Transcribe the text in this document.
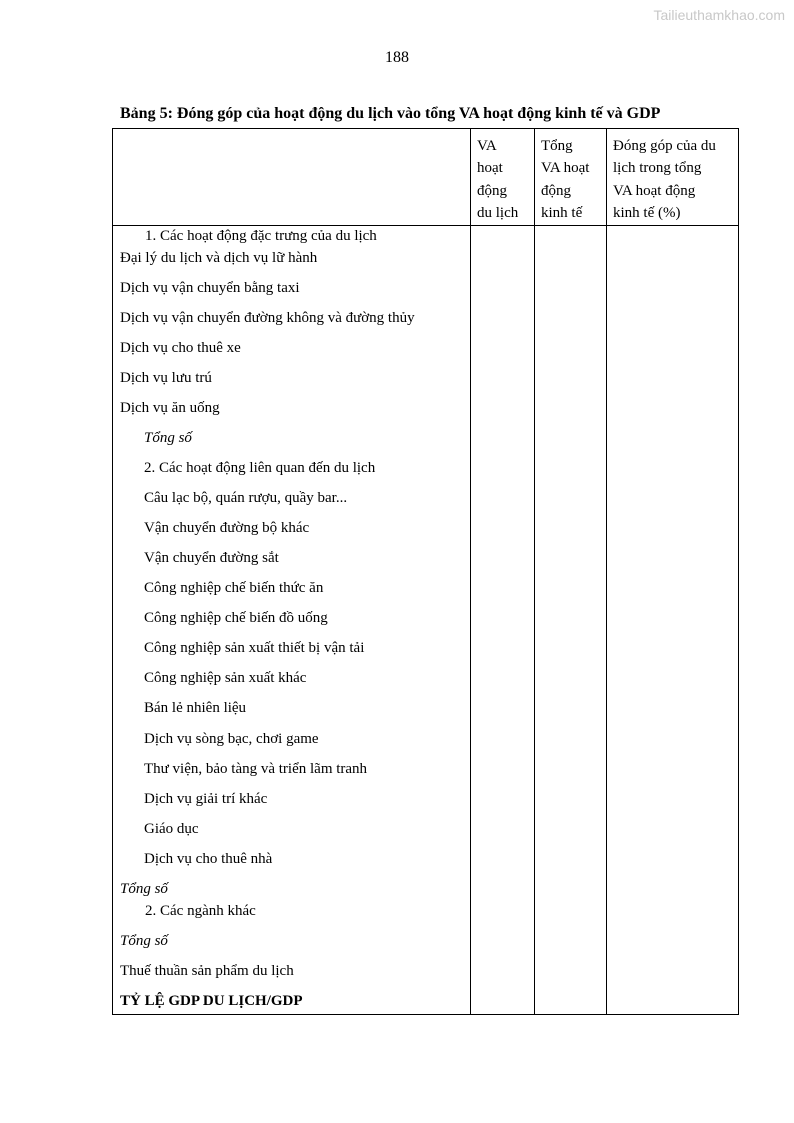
Tailieuthamkhao.com
188
Bảng 5: Đóng góp của hoạt động du lịch vào tổng VA hoạt động kinh tế và GDP
VA
hoạt
động
du lịch
Tổng
VA hoạt
động
kinh tế
Đóng góp của du
lịch trong tổng
VA hoạt động
kinh tế (%)
1. Các hoạt động đặc trưng của du lịch
Đại lý du lịch và dịch vụ lữ hành
Dịch vụ vận chuyển bằng taxi
Dịch vụ vận chuyển đường không và đường thủy
Dịch vụ cho thuê xe
Dịch vụ lưu trú
Dịch vụ ăn uống
Tổng số
2. Các hoạt động liên quan đến du lịch
Câu lạc bộ, quán rượu, quầy bar...
Vận chuyển đường bộ khác
Vận chuyển đường sắt
Công nghiệp chế biến thức ăn
Công nghiệp chế biến đồ uống
Công nghiệp sản xuất thiết bị vận tải
Công nghiệp sản xuất khác
Bán lẻ nhiên liệu
Dịch vụ sòng bạc, chơi game
Thư viện, bảo tàng và triển lãm tranh
Dịch vụ giải trí khác
Giáo dục
Dịch vụ cho thuê nhà
Tổng số
2. Các ngành khác
Tổng số
Thuế thuần sản phẩm du lịch
TỶ LỆ GDP DU LỊCH/GDP
